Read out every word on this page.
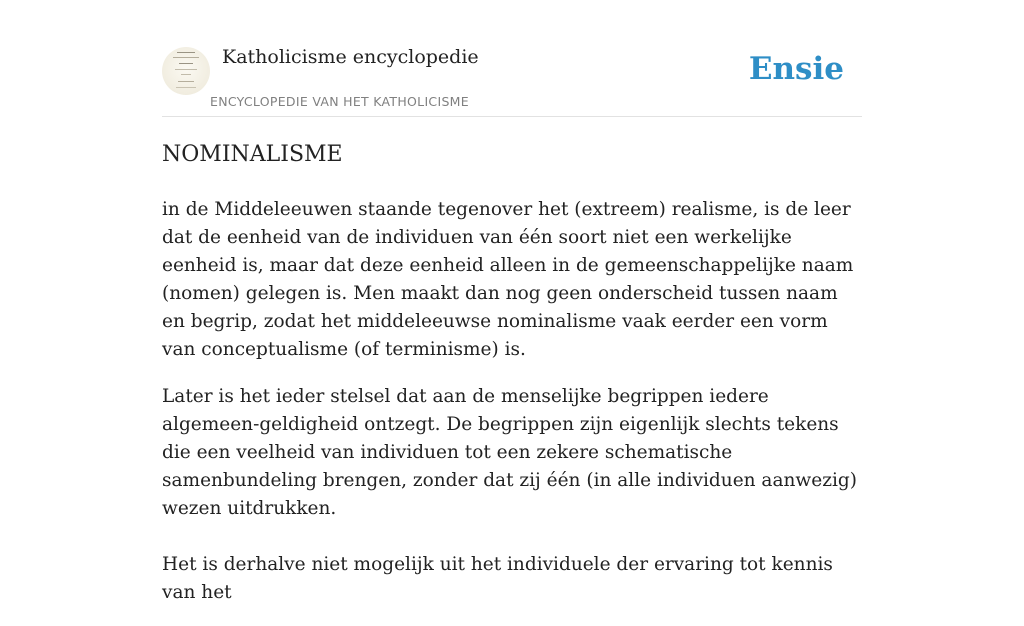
Katholicisme encyclopedie
ENCYCLOPEDIE VAN HET KATHOLICISME
Ensie
NOMINALISME

in de Middeleeuwen staande tegenover het (extreem) realisme, is de leer dat de eenheid van de individuen van één soort niet een werkelijke eenheid is, maar dat deze eenheid alleen in de gemeenschappelijke naam (nomen) gelegen is. Men maakt dan nog geen onderscheid tussen naam en begrip, zodat het middeleeuwse nominalisme vaak eerder een vorm van conceptualisme (of terminisme) is.

Later is het ieder stelsel dat aan de menselijke begrippen iedere algemeen-geldigheid ontzegt. De begrippen zijn eigenlijk slechts tekens die een veelheid van individuen tot een zekere schematische samenbundeling brengen, zonder dat zij één (in alle individuen aanwezig) wezen uitdrukken.

Het is derhalve niet mogelijk uit het individuele der ervaring tot kennis van het
